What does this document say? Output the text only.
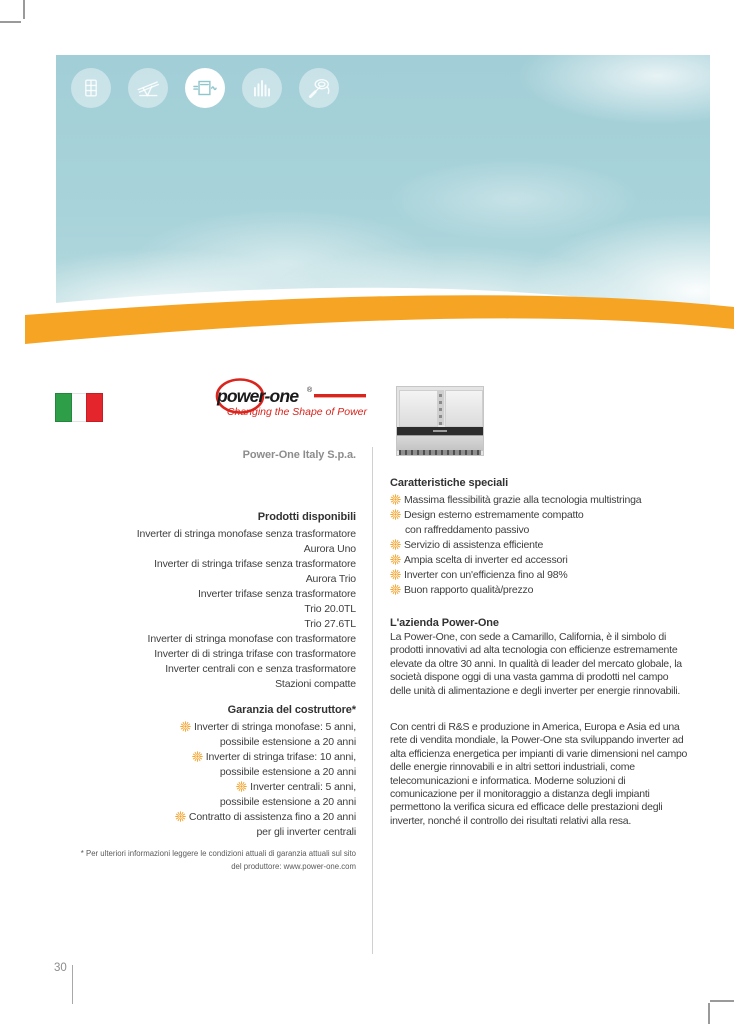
power-one ®
Changing the Shape of Power
Power-One Italy S.p.a.
Prodotti disponibili
Inverter di stringa monofase senza trasformatore
Aurora Uno
Inverter di stringa trifase senza trasformatore
Aurora Trio
Inverter trifase senza trasformatore
Trio 20.0TL
Trio 27.6TL
Inverter di stringa monofase con trasformatore
Inverter di di stringa trifase con trasformatore
Inverter centrali con e senza trasformatore
Stazioni compatte
Garanzia del costruttore*
Inverter di stringa monofase: 5 anni,
possibile estensione a 20 anni
Inverter di stringa trifase: 10 anni,
possibile estensione a 20 anni
Inverter centrali: 5 anni,
possibile estensione a 20 anni
Contratto di assistenza fino a 20 anni
per gli inverter centrali
* Per ulteriori informazioni leggere le condizioni attuali di garanzia attuali sul sito
del produttore: www.power-one.com
Caratteristiche speciali
Massima flessibilità grazie alla tecnologia multistringa
Design esterno estremamente compatto
con raffreddamento passivo
Servizio di assistenza efficiente
Ampia scelta di inverter ed accessori
Inverter con un'efficienza fino al 98%
Buon rapporto qualità/prezzo
L'azienda Power-One
La Power-One, con sede a Camarillo, California, è il simbolo di prodotti innovativi ad alta tecnologia con efficienze estremamente elevate da oltre 30 anni. In qualità di leader del mercato globale, la società dispone oggi di una vasta gamma di prodotti nel campo delle unità di alimentazione e degli inverter per energie rinnovabili.
Con centri di R&S e produzione in America, Europa e Asia ed una rete di vendita mondiale, la Power-One sta sviluppando inverter ad alta efficienza energetica per impianti di varie dimensioni nel campo delle energie rinnovabili e in altri settori industriali, come telecomunicazioni e informatica. Moderne soluzioni di comunicazione per il monitoraggio a distanza degli impianti permettono la verifica sicura ed efficace delle prestazioni degli inverter, nonché il controllo dei risultati relativi alla resa.
30
